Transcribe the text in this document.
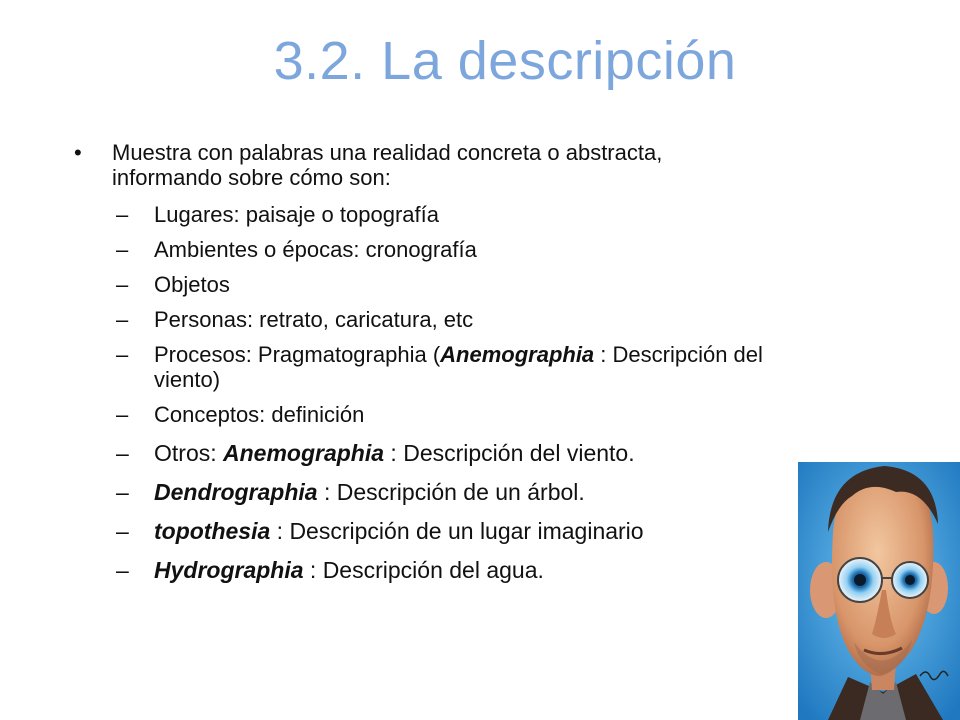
3.2. La descripción
• Muestra con palabras una realidad concreta o abstracta,
informando sobre cómo son:
– Lugares: paisaje o topografía
– Ambientes o épocas: cronografía
– Objetos
– Personas: retrato, caricatura, etc
– Procesos: Pragmatographia (Anemographia : Descripción del
viento)
– Conceptos: definición
– Otros: Anemographia : Descripción del viento.
– Dendrographia : Descripción de un árbol.
– topothesia : Descripción de un lugar imaginario
– Hydrographia : Descripción del agua.
